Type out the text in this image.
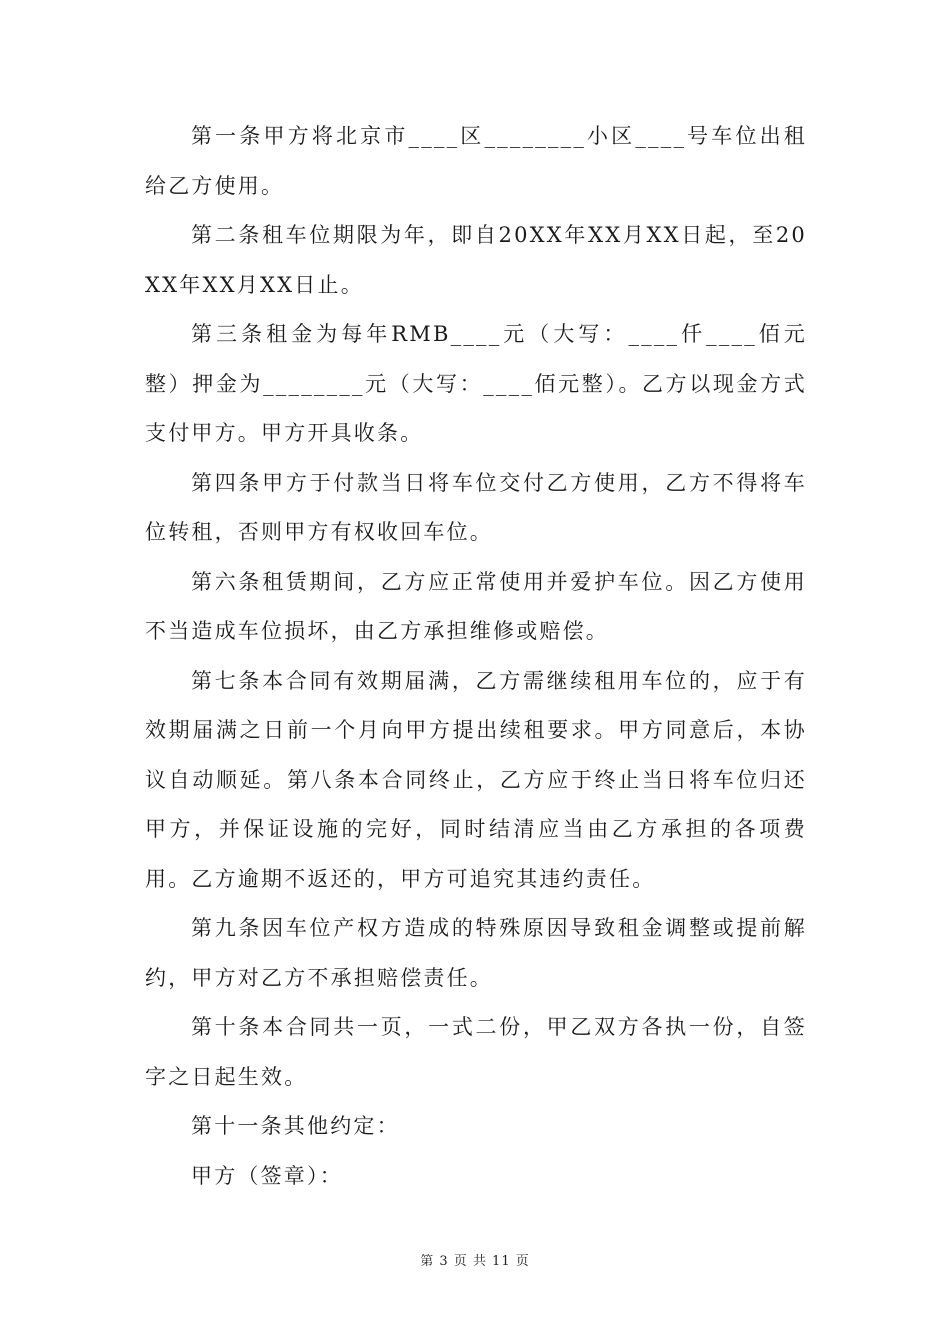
第一条甲方将北京市____区________小区____号车位出租给乙方使用。

第二条租车位期限为年，即自20XX年XX月XX日起，至20XX年XX月XX日止。

第三条租金为每年RMB____元（大写：____仟____佰元整）押金为________元（大写：____佰元整）。乙方以现金方式支付甲方。甲方开具收条。

第四条甲方于付款当日将车位交付乙方使用，乙方不得将车位转租，否则甲方有权收回车位。

第六条租赁期间，乙方应正常使用并爱护车位。因乙方使用不当造成车位损坏，由乙方承担维修或赔偿。

第七条本合同有效期届满，乙方需继续租用车位的，应于有效期届满之日前一个月向甲方提出续租要求。甲方同意后，本协议自动顺延。第八条本合同终止，乙方应于终止当日将车位归还甲方，并保证设施的完好，同时结清应当由乙方承担的各项费用。乙方逾期不返还的，甲方可追究其违约责任。

第九条因车位产权方造成的特殊原因导致租金调整或提前解约，甲方对乙方不承担赔偿责任。

第十条本合同共一页，一式二份，甲乙双方各执一份，自签字之日起生效。

第十一条其他约定：

甲方（签章）：

第 3 页 共 11 页
